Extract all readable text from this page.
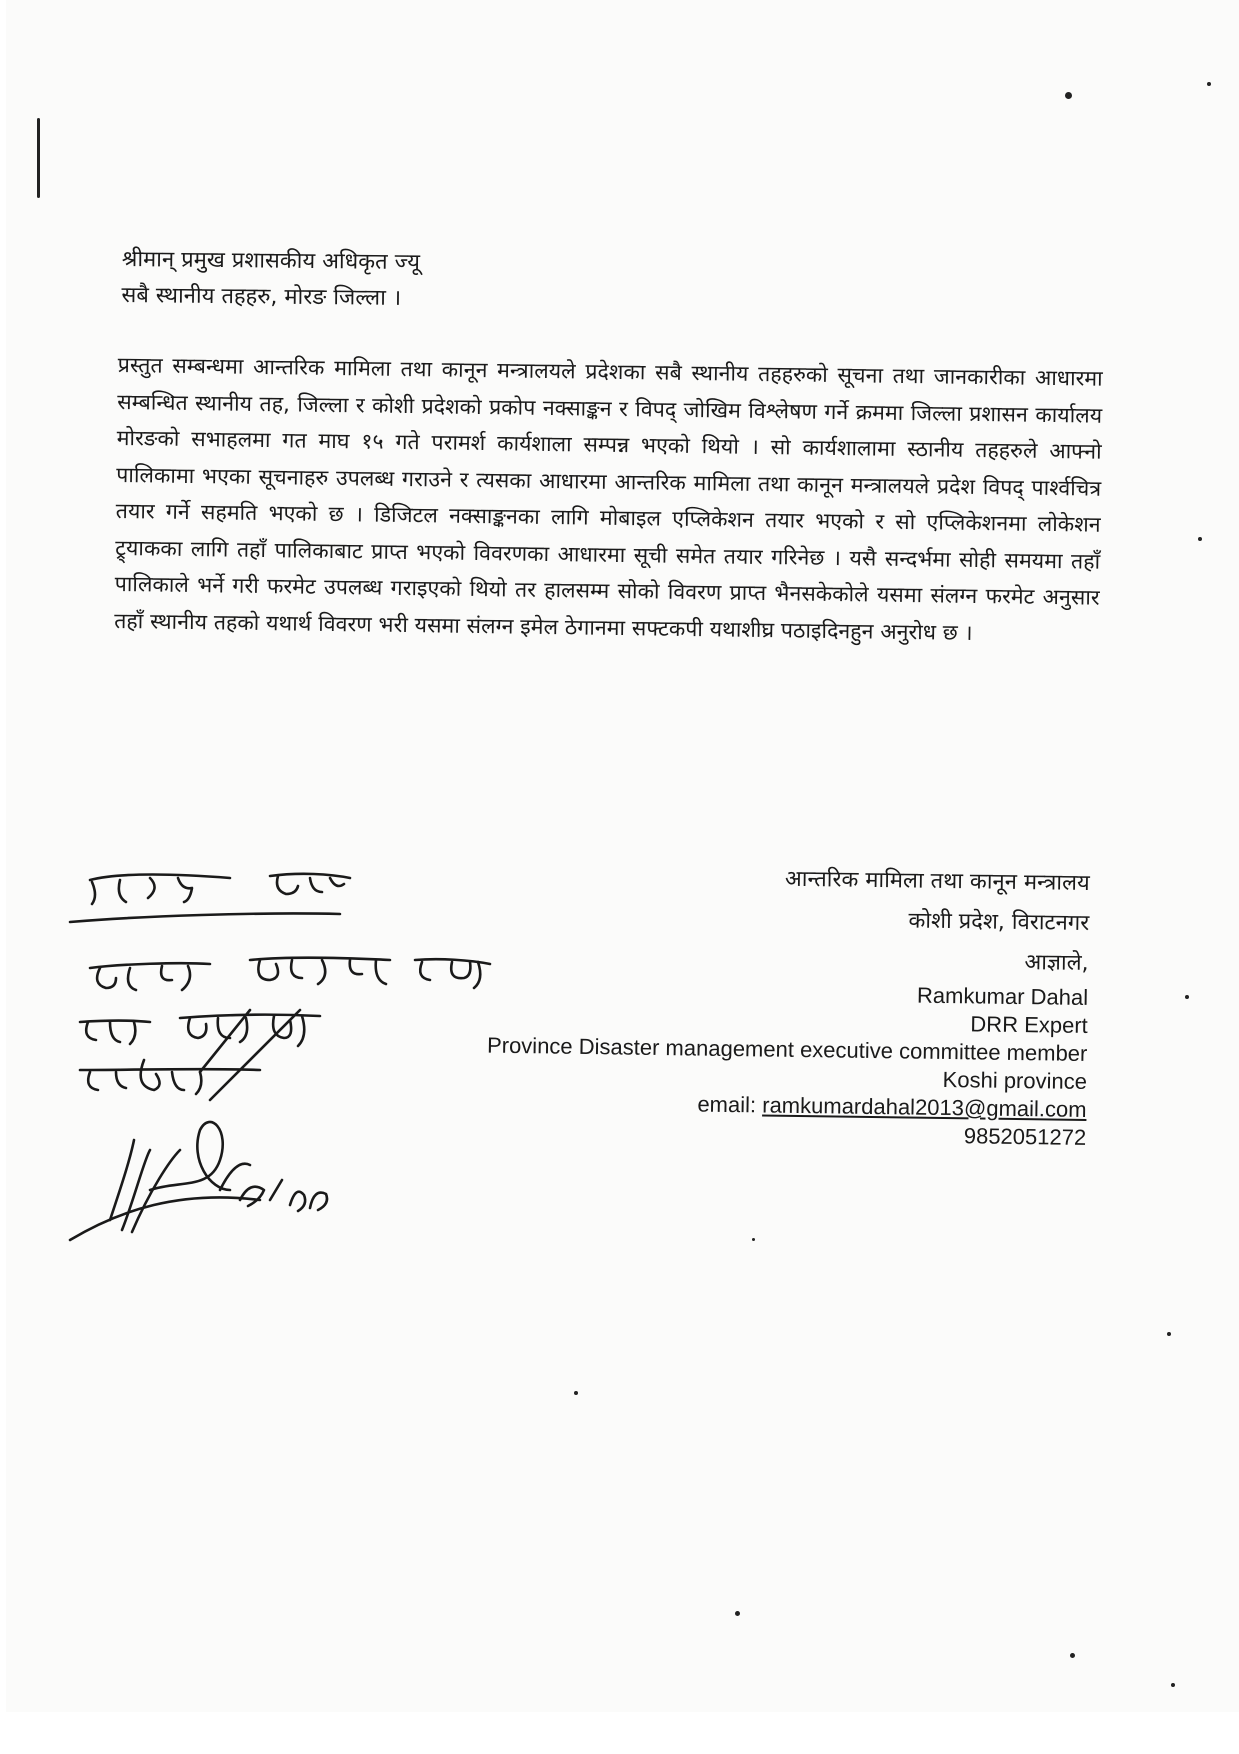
श्रीमान् प्रमुख प्रशासकीय अधिकृत ज्यू
सबै स्थानीय तहहरु, मोरङ जिल्ला ।
प्रस्तुत सम्बन्धमा आन्तरिक मामिला तथा कानून मन्त्रालयले प्रदेशका सबै स्थानीय तहहरुको सूचना तथा जानकारीका आधारमा सम्बन्धित स्थानीय तह, जिल्ला र कोशी प्रदेशको प्रकोप नक्साङ्कन र विपद् जोखिम विश्लेषण गर्ने क्रममा जिल्ला प्रशासन कार्यालय मोरङको सभाहलमा गत माघ १५ गते परामर्श कार्यशाला सम्पन्न भएको थियो । सो कार्यशालामा स्ठानीय तहहरुले आफ्नो पालिकामा भएका सूचनाहरु उपलब्ध गराउने र त्यसका आधारमा आन्तरिक मामिला तथा कानून मन्त्रालयले प्रदेश विपद् पार्श्वचित्र तयार गर्ने सहमति भएको छ । डिजिटल नक्साङ्कनका लागि मोबाइल एप्लिकेशन तयार भएको र सो एप्लिकेशनमा लोकेशन ट्र्याकका लागि तहाँ पालिकाबाट प्राप्त भएको विवरणका आधारमा सूची समेत तयार गरिनेछ । यसै सन्दर्भमा सोही समयमा तहाँ पालिकाले भर्ने गरी फरमेट उपलब्ध गराइएको थियो तर हालसम्म सोको विवरण प्राप्त भैनसकेकोले यसमा संलग्न फरमेट अनुसार तहाँ स्थानीय तहको यथार्थ विवरण भरी यसमा संलग्न इमेल ठेगानमा सफ्टकपी यथाशीघ्र पठाइदिनहुन अनुरोध छ ।
आन्तरिक मामिला तथा कानून मन्त्रालय
कोशी प्रदेश, विराटनगर
आज्ञाले,
Ramkumar Dahal
DRR Expert
Province Disaster management executive committee member
Koshi province
email: ramkumardahal2013@gmail.com
9852051272
